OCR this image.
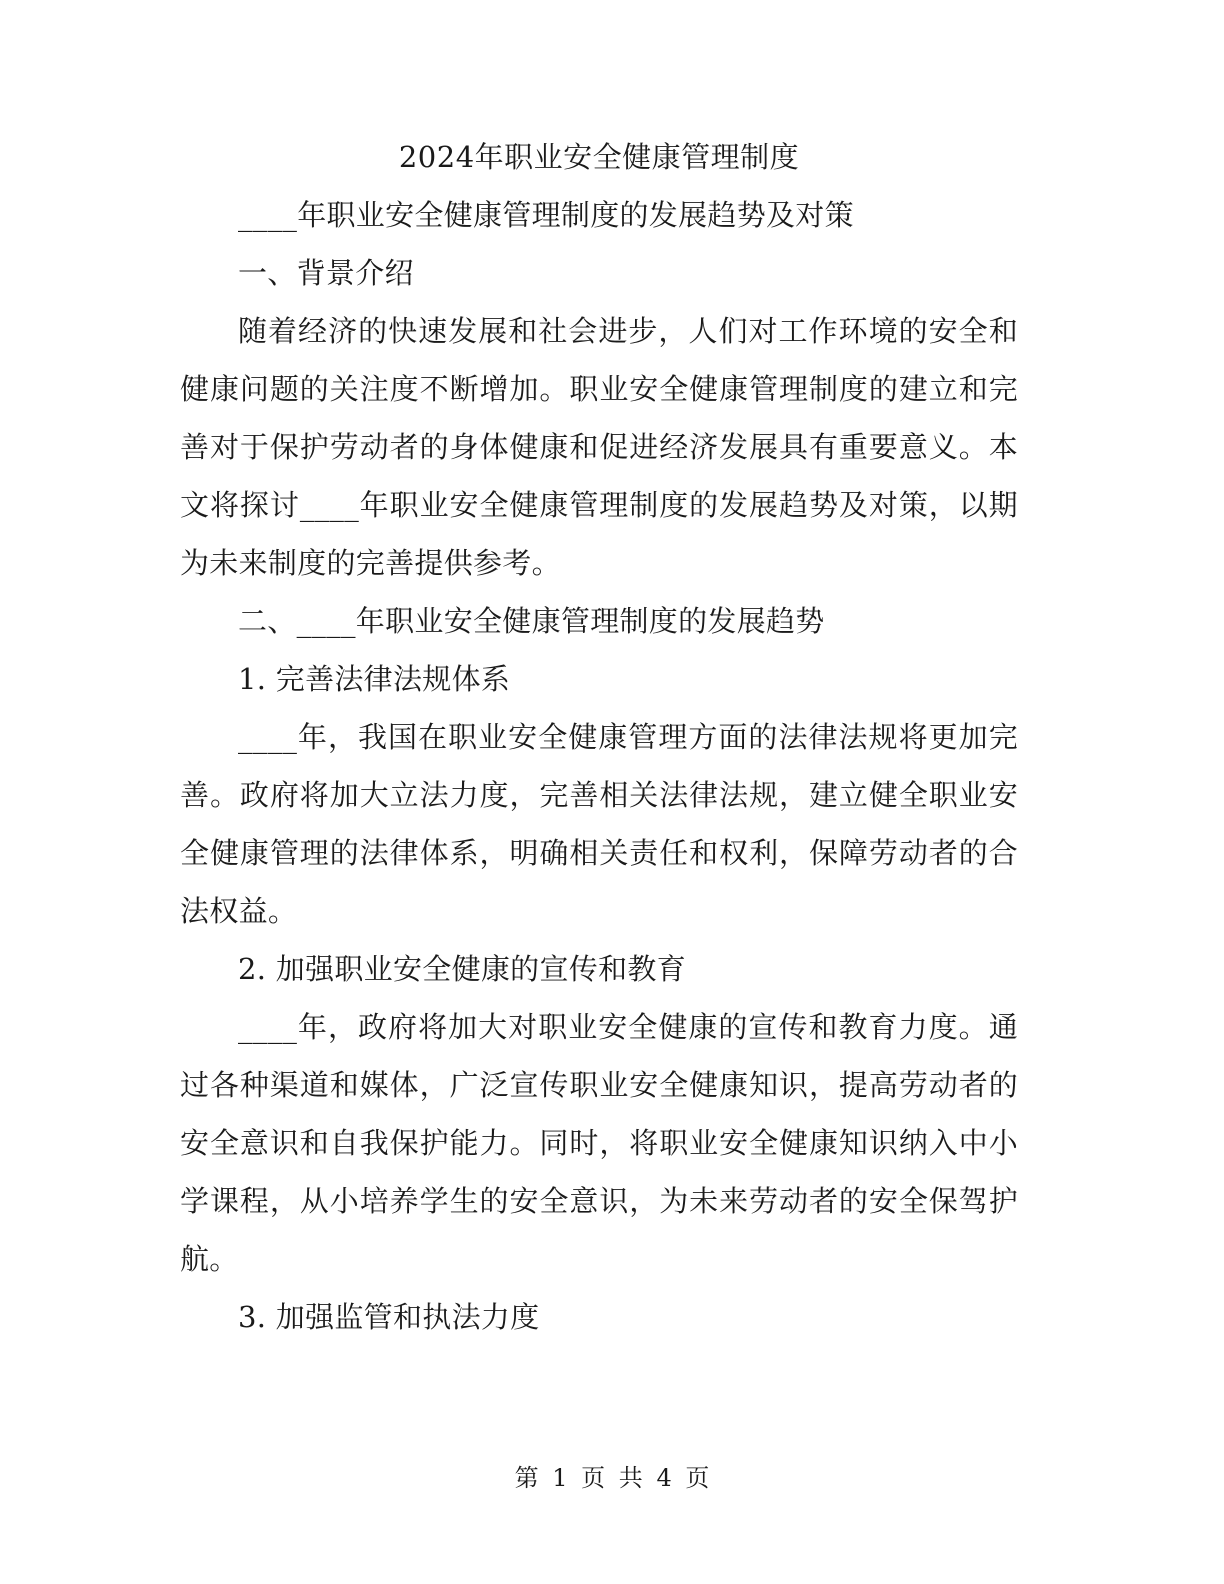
2024年职业安全健康管理制度

____年职业安全健康管理制度的发展趋势及对策

一、背景介绍

随着经济的快速发展和社会进步，人们对工作环境的安全和健康问题的关注度不断增加。职业安全健康管理制度的建立和完善对于保护劳动者的身体健康和促进经济发展具有重要意义。本文将探讨____年职业安全健康管理制度的发展趋势及对策，以期为未来制度的完善提供参考。

二、____年职业安全健康管理制度的发展趋势

1. 完善法律法规体系

____年，我国在职业安全健康管理方面的法律法规将更加完善。政府将加大立法力度，完善相关法律法规，建立健全职业安全健康管理的法律体系，明确相关责任和权利，保障劳动者的合法权益。

2. 加强职业安全健康的宣传和教育

____年，政府将加大对职业安全健康的宣传和教育力度。通过各种渠道和媒体，广泛宣传职业安全健康知识，提高劳动者的安全意识和自我保护能力。同时，将职业安全健康知识纳入中小学课程，从小培养学生的安全意识，为未来劳动者的安全保驾护航。

3. 加强监管和执法力度

第 1 页 共 4 页
